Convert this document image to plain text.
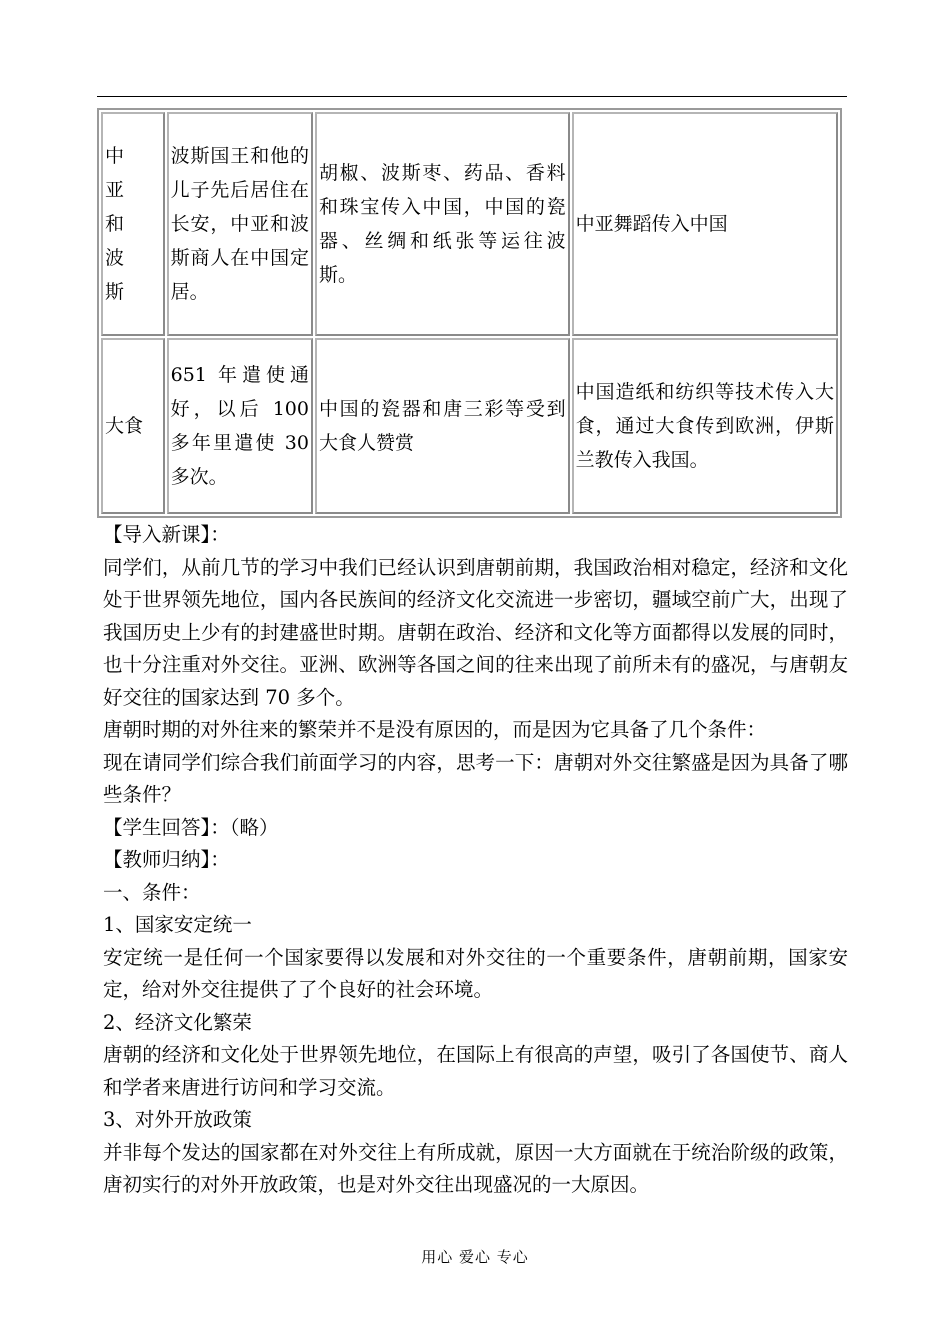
中 亚
和 波
斯	波斯国王和他的儿子先后居住在长安，中亚和波斯商人在中国定居。	胡椒、波斯枣、药品、香料和珠宝传入中国，中国的瓷器、丝绸和纸张等运往波斯。	中亚舞蹈传入中国
大食	651 年遣使通好，以后 100 多年里遣使 30 多次。	中国的瓷器和唐三彩等受到大食人赞赏	中国造纸和纺织等技术传入大食，通过大食传到欧洲，伊斯兰教传入我国。

【导入新课】：

同学们，从前几节的学习中我们已经认识到唐朝前期，我国政治相对稳定，经济和文化处于世界领先地位，国内各民族间的经济文化交流进一步密切，疆域空前广大，出现了我国历史上少有的封建盛世时期。唐朝在政治、经济和文化等方面都得以发展的同时，也十分注重对外交往。亚洲、欧洲等各国之间的往来出现了前所未有的盛况，与唐朝友好交往的国家达到 70 多个。

唐朝时期的对外往来的繁荣并不是没有原因的，而是因为它具备了几个条件：

现在请同学们综合我们前面学习的内容，思考一下：唐朝对外交往繁盛是因为具备了哪些条件？

【学生回答】：（略）

【教师归纳】：

一、条件：

1、国家安定统一

安定统一是任何一个国家要得以发展和对外交往的一个重要条件，唐朝前期，国家安定，给对外交往提供了了个良好的社会环境。

2、经济文化繁荣

唐朝的经济和文化处于世界领先地位，在国际上有很高的声望，吸引了各国使节、商人和学者来唐进行访问和学习交流。

3、对外开放政策

并非每个发达的国家都在对外交往上有所成就，原因一大方面就在于统治阶级的政策，唐初实行的对外开放政策，也是对外交往出现盛况的一大原因。

用心 爱心 专心
